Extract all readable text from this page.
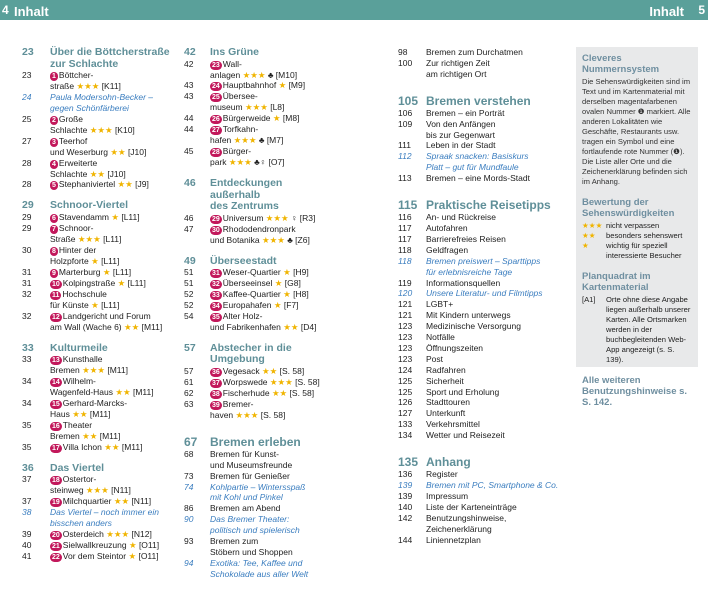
4 Inhalt	Inhalt 5
23	Über die Böttcherstraße
zur Schlachte
23	1 Böttcher-
straße ★★★ [K11]
24	Paula Modersohn-Becker –
gegen Schönfärberei
25	2 Große
Schlachte ★★★ [K10]
27	3 Teerhof
und Weserburg ★★ [J10]
28	4 Erweiterte
Schlachte ★★ [J10]
28	5 Stephaniviertel ★★ [J9]
29	Schnoor-Viertel
29	6 Stavendamm ★ [L11]
29	7 Schnoor-
Straße ★★★ [L11]
30	8 Hinter der
Holzpforte ★ [L11]
31	9 Marterburg ★ [L11]
31	10 Kolpingstraße ★ [L11]
32	11 Hochschule
für Künste ★ [L11]
32	12 Landgericht und Forum
am Wall (Wache 6) ★★ [M11]
33	Kulturmeile
33	13 Kunsthalle
Bremen ★★★ [M11]
34	14 Wilhelm-
Wagenfeld-Haus ★★ [M11]
34	15 Gerhard-Marcks-
Haus ★★ [M11]
35	16 Theater
Bremen ★★ [M11]
35	17 Villa Ichon ★★ [M11]
36	Das Viertel
37	18 Ostertor-
steinweg ★★★ [N11]
37	19 Milchquartier ★★ [N11]
38	Das Viertel – noch immer ein
bisschen anders
39	20 Osterdeich ★★★ [N12]
40	21 Sielwallkreuzung ★ [O11]
41	22 Vor dem Steintor ★ [O11]
42	Ins Grüne
42	23 Wall-
anlagen ★★★ ♣ [M10]
43	24 Hauptbahnhof ★ [M9]
43	25 Übersee-
museum ★★★ [L8]
44	26 Bürgerweide ★ [M8]
44	27 Torfkahn-
hafen ★★★ ♣ [M7]
45	28 Bürger-
park ★★★ ♣♀ [O7]
46	Entdeckungen außerhalb
des Zentrums
46	29 Universum ★★★ ♀ [R3]
47	30 Rhododendronpark
und Botanika ★★★ ♣ [Z6]
49	Überseestadt
51	31 Weser-Quartier ★ [H9]
51	32 Überseeinsel ★ [G8]
52	33 Kaffee-Quartier ★ [H8]
52	34 Europahafen ★ [F7]
54	35 Alter Holz-
und Fabrikenhafen ★★ [D4]
57	Abstecher in die Umgebung
57	36 Vegesack ★★ [S. 58]
61	37 Worpswede ★★★ [S. 58]
62	38 Fischerhude ★★ [S. 58]
63	39 Bremer-
haven ★★★ [S. 58]
67	Bremen erleben
68	Bremen für Kunst-
und Museumsfreunde
73	Bremen für Genießer
74	Kohlpartie – Wintersspaß
mit Kohl und Pinkel
86	Bremen am Abend
90	Das Bremer Theater:
politisch und spielerisch
93	Bremen zum
Stöbern und Shoppen
94	Exotika: Tee, Kaffee und
Schokolade aus aller Welt
98	Bremen zum Durchatmen
100	Zur richtigen Zeit
am richtigen Ort
105 Bremen verstehen
106	Bremen – ein Porträt
109	Von den Anfängen
bis zur Gegenwart
111	Leben in der Stadt
112	Spraak snacken: Basiskurs
Platt – gut für Mundfaule
113	Bremen – eine Mords-Stadt
115 Praktische Reisetipps
116	An- und Rückreise
117	Autofahren
117	Barrierefreies Reisen
118	Geldfragen
118	Bremen preiswert – Sparttipps
für erlebnisreiche Tage
119	Informationsquellen
120	Unsere Literatur- und Filmtipps
121	LGBT+
121	Mit Kindern unterwegs
123	Medizinische Versorgung
123	Notfälle
123	Öffnungszeiten
123	Post
124	Radfahren
125	Sicherheit
125	Sport und Erholung
126	Stadttouren
127	Unterkunft
133	Verkehrsmittel
134	Wetter und Reisezeit
135 Anhang
136	Register
139	Bremen mit PC, Smartphone & Co.
139	Impressum
140	Liste der Karteneinträge
142	Benutzungshinweise,
Zeichenerklärung
144	Liniennetzplan
Cleveres Nummernsystem
Die Sehenswürdigkeiten sind im Text und im Kartenmaterial mit derselben magentafarbenen ovalen Nummer ❶ markiert. Alle anderen Lokalitäten wie Geschäfte, Restaurants usw. tragen ein Symbol und eine fortlaufende rote Nummer (❶). Die Liste aller Orte und die Zeichenerklärung befinden sich im Anhang.
Bewertung der Sehenswürdigkeiten
★★★ nicht verpassen
★★	besonders sehenswert
★	wichtig für speziell interessierte Besucher
Planquadrat im Kartenmaterial
[A1]	Orte ohne diese Angabe liegen außerhalb unserer Karten. Alle Ortsmarken werden in der buchbegleitenden Web-App angezeigt (s. S. 139).
Alle weiteren Benutzungshinweise s. S. 142.
